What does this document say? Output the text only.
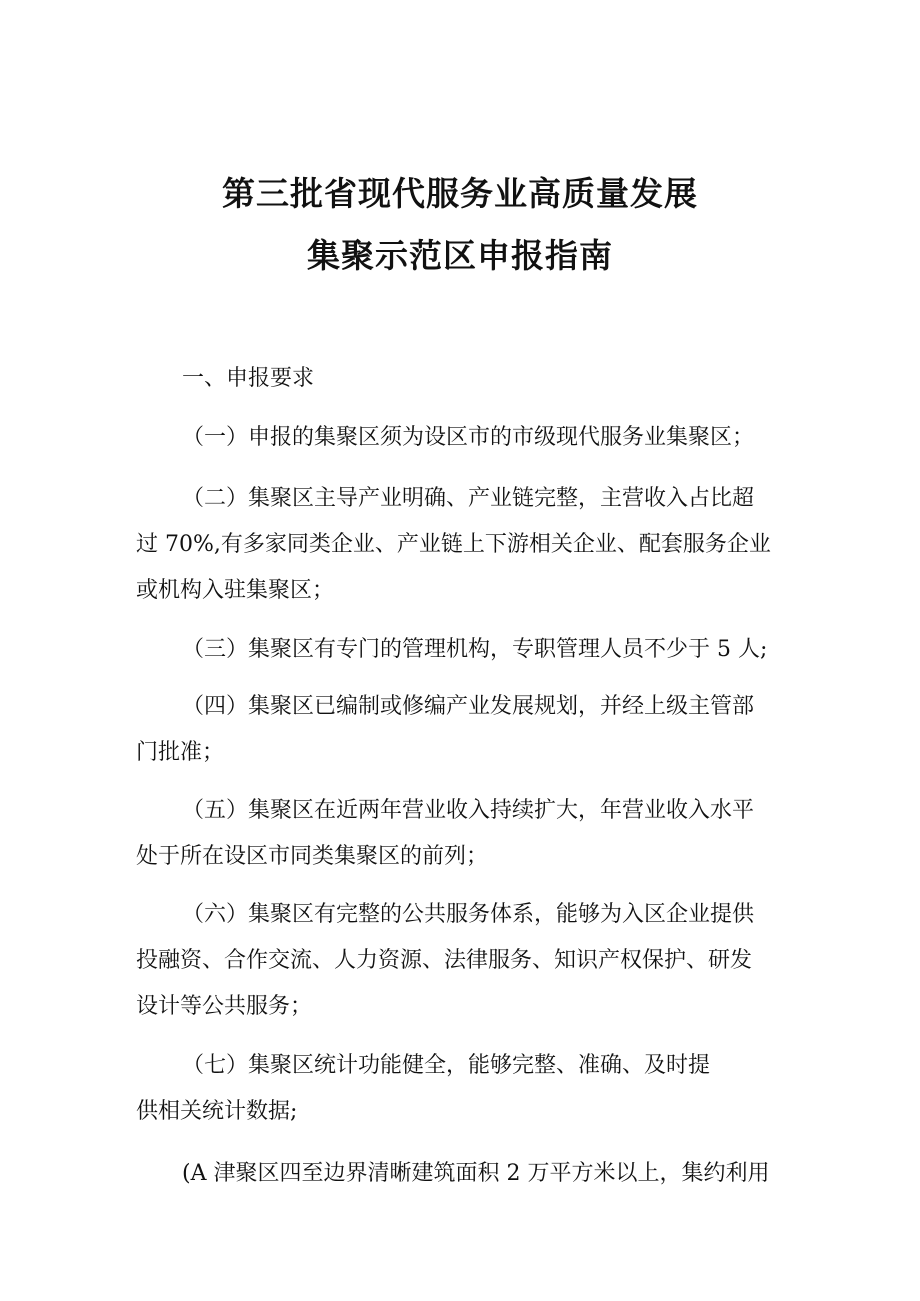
第三批省现代服务业高质量发展
集聚示范区申报指南

一、申报要求

（一）申报的集聚区须为设区市的市级现代服务业集聚区；

（二）集聚区主导产业明确、产业链完整，主营收入占比超

过 70%,有多家同类企业、产业链上下游相关企业、配套服务企业

或机构入驻集聚区；

（三）集聚区有专门的管理机构，专职管理人员不少于 5 人;

（四）集聚区已编制或修编产业发展规划，并经上级主管部

门批准；

（五）集聚区在近两年营业收入持续扩大，年营业收入水平

处于所在设区市同类集聚区的前列；

（六）集聚区有完整的公共服务体系，能够为入区企业提供

投融资、合作交流、人力资源、法律服务、知识产权保护、研发

设计等公共服务；

（七）集聚区统计功能健全，能够完整、准确、及时提

供相关统计数据;

(A 津聚区四至边界清晰建筑面积 2 万平方米以上，集约利用
